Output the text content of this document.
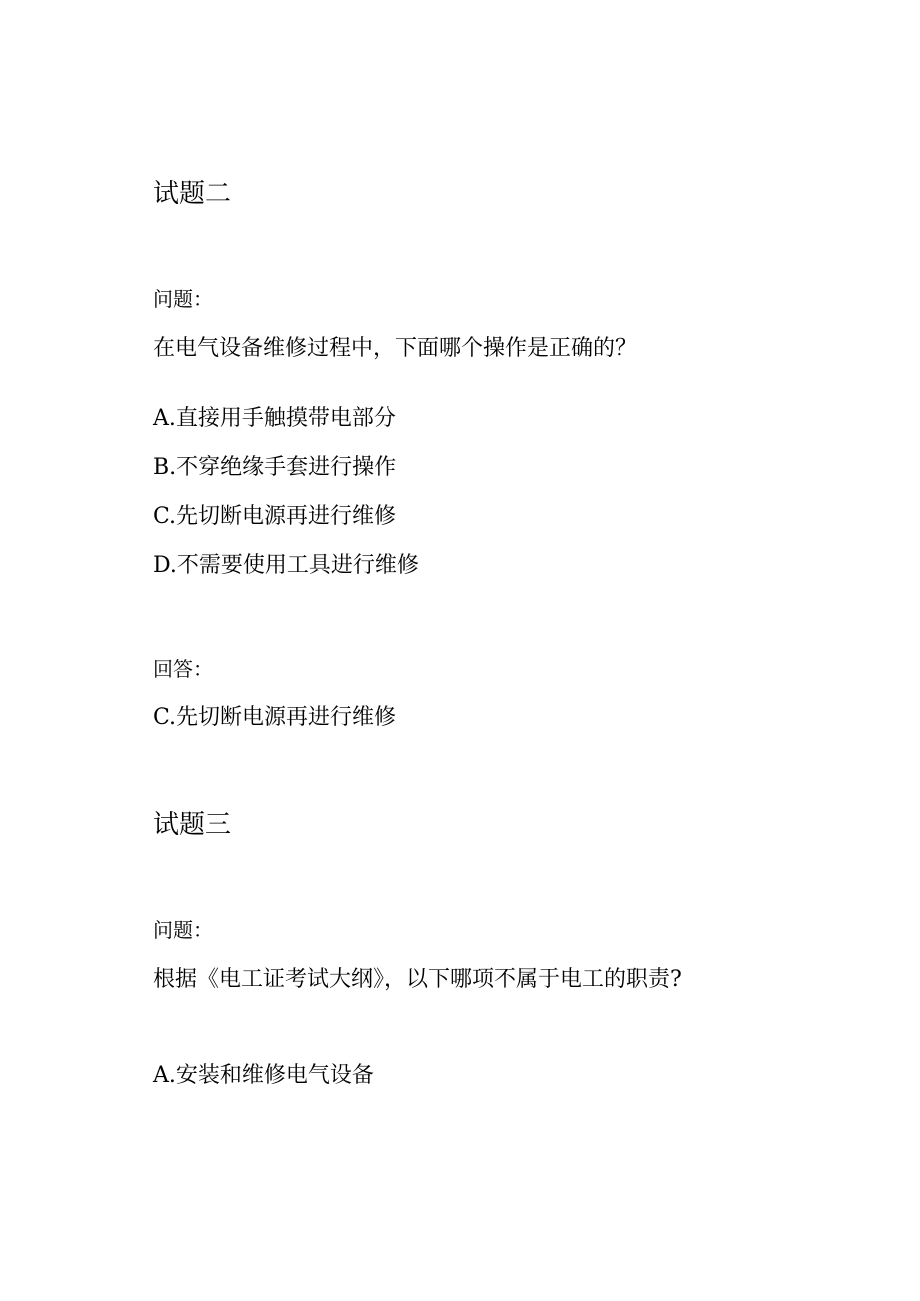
试题二
问题：
在电气设备维修过程中，下面哪个操作是正确的？
A.直接用手触摸带电部分
B.不穿绝缘手套进行操作
C.先切断电源再进行维修
D.不需要使用工具进行维修
回答：
C.先切断电源再进行维修
试题三
问题：
根据《电工证考试大纲》，以下哪项不属于电工的职责?
A.安装和维修电气设备
